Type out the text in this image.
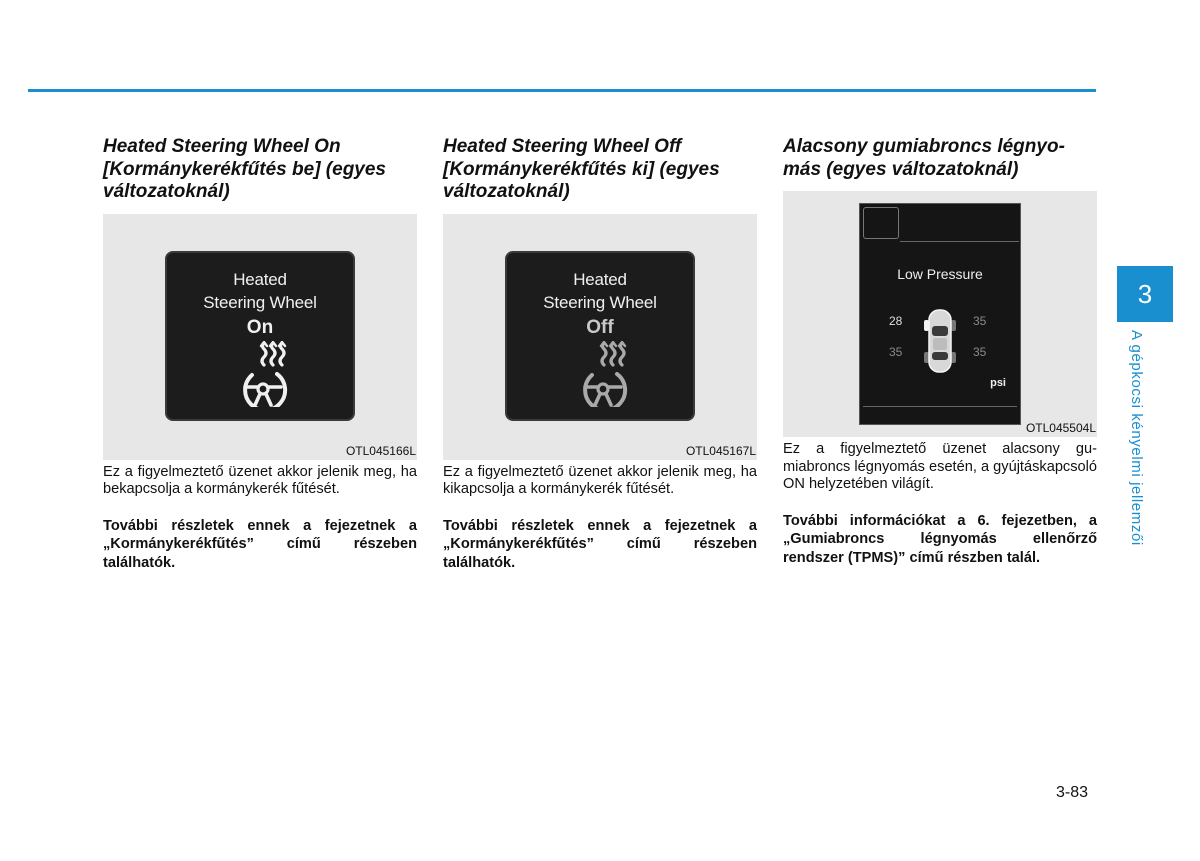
Heated Steering Wheel On
[Kormánykerékfűtés be] (egyes
változatoknál)
Heated
Steering Wheel
On
OTL045166L

Ez a figyelmeztető üzenet akkor jelenik meg, ha bekapcsolja a kormánykerék fűtését.

További részletek ennek a fejezetnek a „Kormánykerékfűtés” című részeben találhatók.

Heated Steering Wheel Off
[Kormánykerékfűtés ki] (egyes
változatoknál)
Heated
Steering Wheel
Off
OTL045167L

Ez a figyelmeztető üzenet akkor jelenik meg, ha kikapcsolja a kormánykerék fűtését.

További részletek ennek a fejezetnek a „Kormánykerékfűtés” című részeben találhatók.

Alacsony gumiabroncs légnyo-
más (egyes változatoknál)
Low Pressure
28	35
35	35
psi
OTL045504L

Ez a figyelmeztető üzenet alacsony gumiabroncs légnyomás esetén, a gyújtáskapcsoló ON helyzetében világít.

További információkat a 6. fejezetben, a „Gumiabroncs légnyomás ellenőrző rendszer (TPMS)” című részben talál.

3
A gépkocsi kényelmi jellemzői
3-83
